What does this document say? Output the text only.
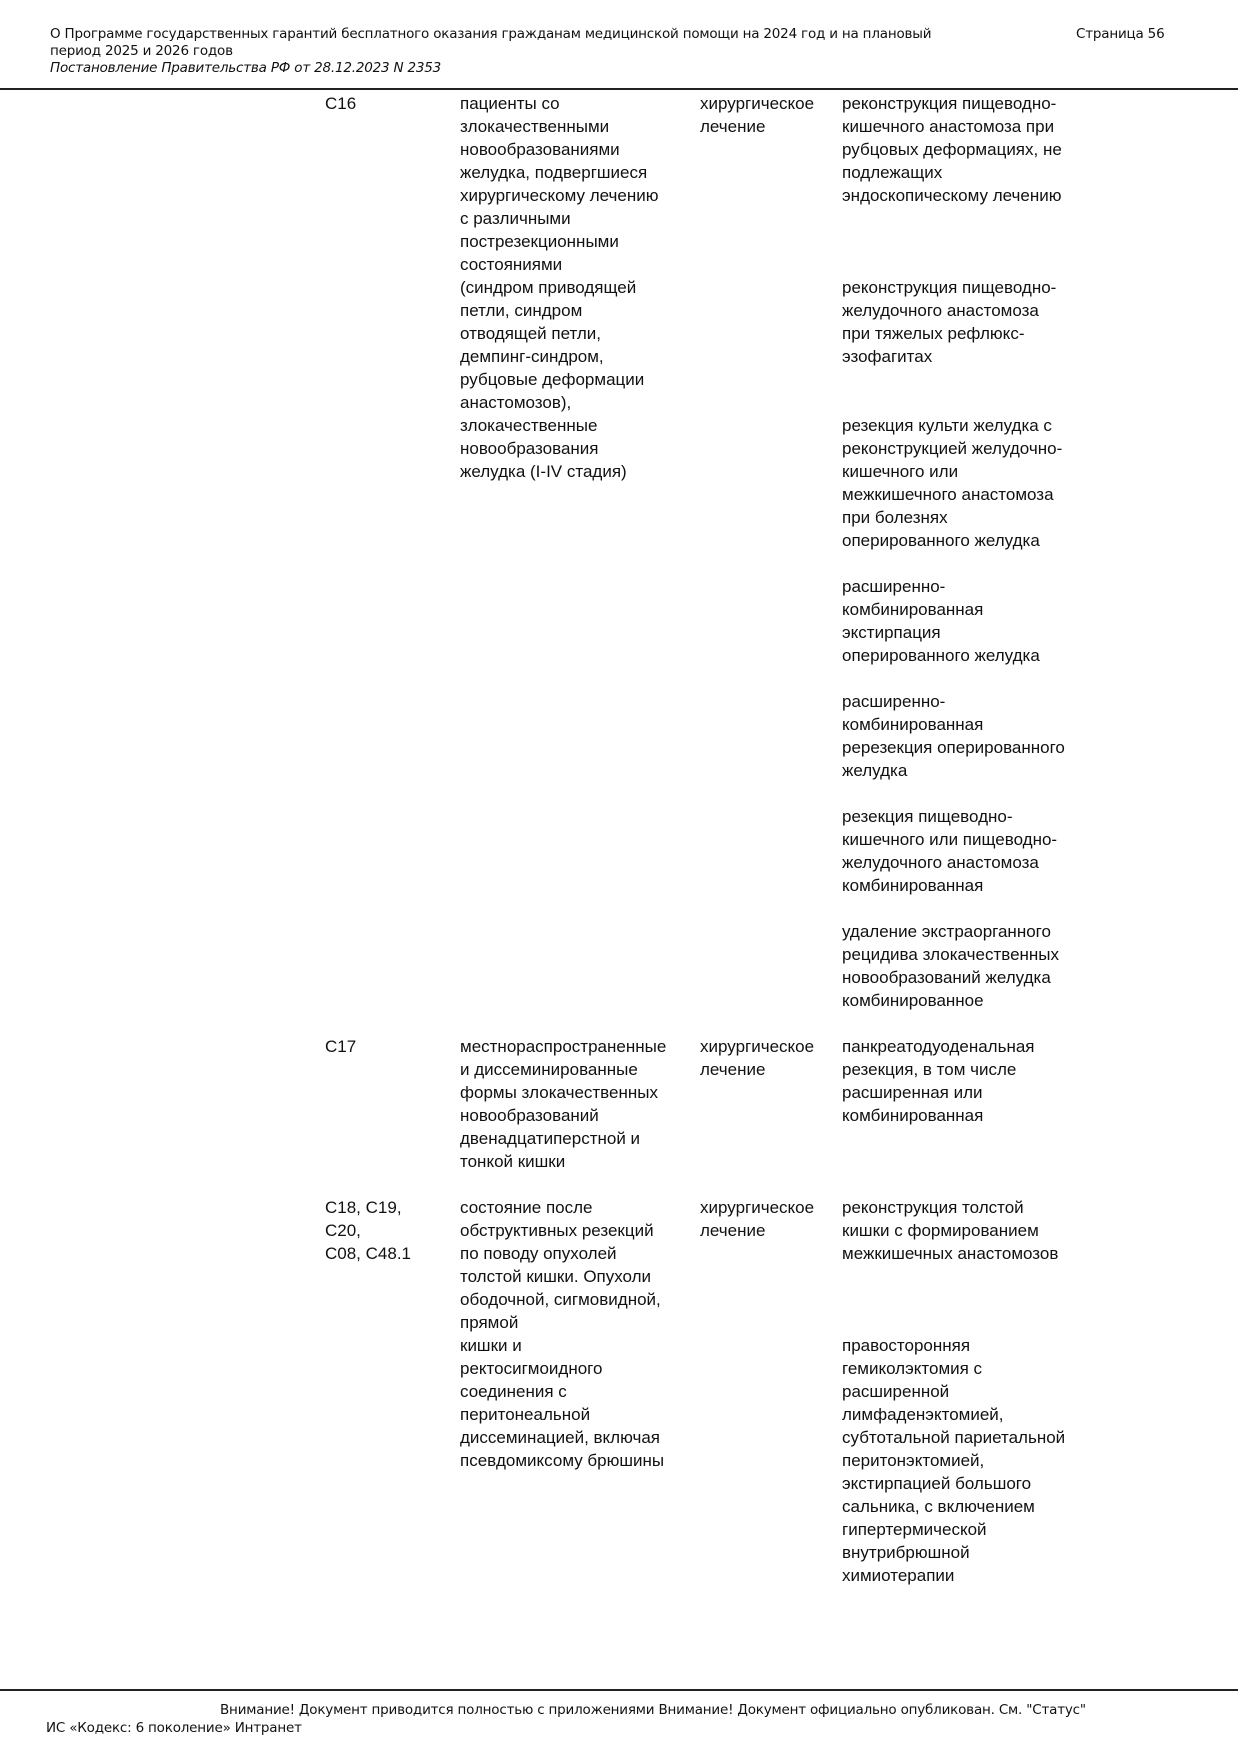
О Программе государственных гарантий бесплатного оказания гражданам медицинской помощи на 2024 год и на плановый
период 2025 и 2026 годов
Постановление Правительства РФ от 28.12.2023 N 2353
Страница 56
C16	пациенты со
злокачественными
новообразованиями
желудка, подвергшиеся
хирургическому лечению
с различными
пострезекционными
состояниями
хирургическое
лечение
реконструкция пищеводно-
кишечного анастомоза при
рубцовых деформациях, не
подлежащих
эндоскопическому лечению
(синдром приводящей
петли, синдром
отводящей петли,
демпинг-синдром,
рубцовые деформации
анастомозов),
реконструкция пищеводно-
желудочного анастомоза
при тяжелых рефлюкс-
эзофагитах
злокачественные
новообразования
желудка (I-IV стадия)
резекция культи желудка с
реконструкцией желудочно-
кишечного или
межкишечного анастомоза
при болезнях
оперированного желудка
расширенно-
комбинированная
экстирпация
оперированного желудка
расширенно-
комбинированная
ререзекция оперированного
желудка
резекция пищеводно-
кишечного или пищеводно-
желудочного анастомоза
комбинированная
удаление экстраорганного
рецидива злокачественных
новообразований желудка
комбинированное
C17	местнораспространенные
и диссеминированные
формы злокачественных
новообразований
двенадцатиперстной и
тонкой кишки
хирургическое
лечение
панкреатодуоденальная
резекция, в том числе
расширенная или
комбинированная
C18, C19,
C20,
C08, C48.1
состояние после
обструктивных резекций
по поводу опухолей
толстой кишки. Опухоли
ободочной, сигмовидной,
прямой
хирургическое
лечение
реконструкция толстой
кишки с формированием
межкишечных анастомозов
кишки и
ректосигмоидного
соединения с
перитонеальной
диссеминацией, включая
псевдомиксому брюшины
правосторонняя
гемиколэктомия с
расширенной
лимфаденэктомией,
субтотальной париетальной
перитонэктомией,
экстирпацией большого
сальника, с включением
гипертермической
внутрибрюшной
химиотерапии
Внимание! Документ приводится полностью с приложениями Внимание! Документ официально опубликован. См. "Статус"
ИС «Кодекс: 6 поколение» Интранет
